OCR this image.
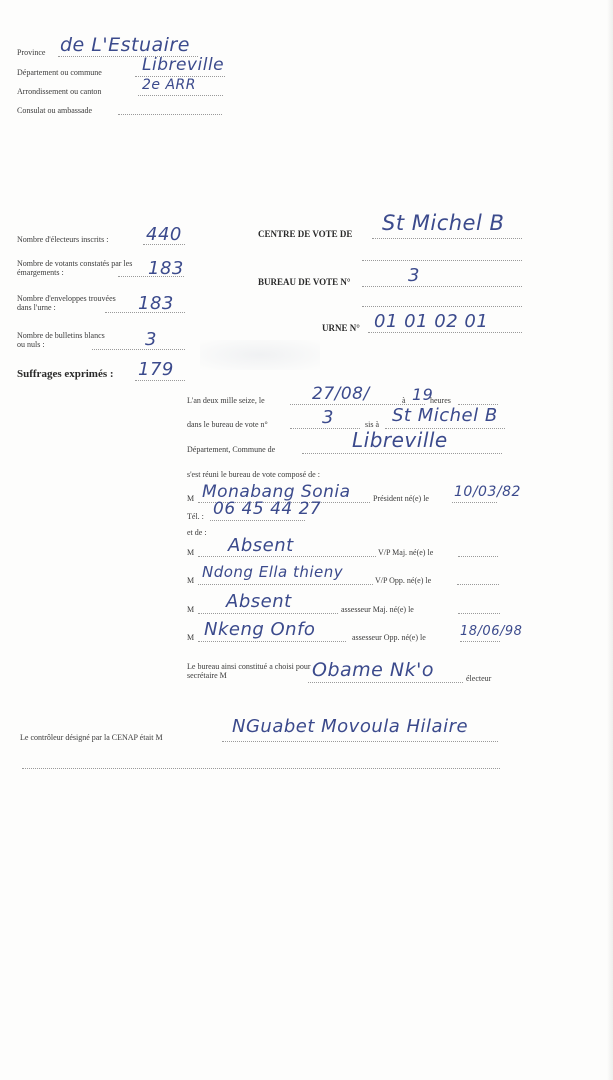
Province de L'Estuaire
Département ou commune Libreville
Arrondissement ou canton	2e ARR
Consulat ou ambassade
Nombre d'électeurs inscrits : 440
Nombre de votants constatés par les émargements :	183
Nombre d'enveloppes trouvées dans l'urne :	183
Nombre de bulletins blancs ou nuls :	3
Suffrages exprimés : 179
CENTRE DE VOTE DE St Michel B
BUREAU DE VOTE N°	3
URNE N° 01 01 02 01
L'an deux mille seize, le	27/08/	à 19
heures
dans le bureau de vote n°	3	sis à St Michel B
Département, Commune de	Libreville
s'est réuni le bureau de vote composé de :
M Monabang Sonia	Président né(e) le 10/03/82
Tél. : 06 45 44 27
et de :
M Absent	V/P Maj. né(e) le
M Ndong Ella thieny	V/P Opp. né(e) le
M Absent	assesseur Maj. né(e) le
M Nkeng Onfo	assesseur Opp. né(e) le	18/06/98
Le bureau ainsi constitué a choisi pour secrétaire M	Obame Nk'o	électeur
Le contrôleur désigné par la CENAP était M
NGuabet Movoula Hilaire
